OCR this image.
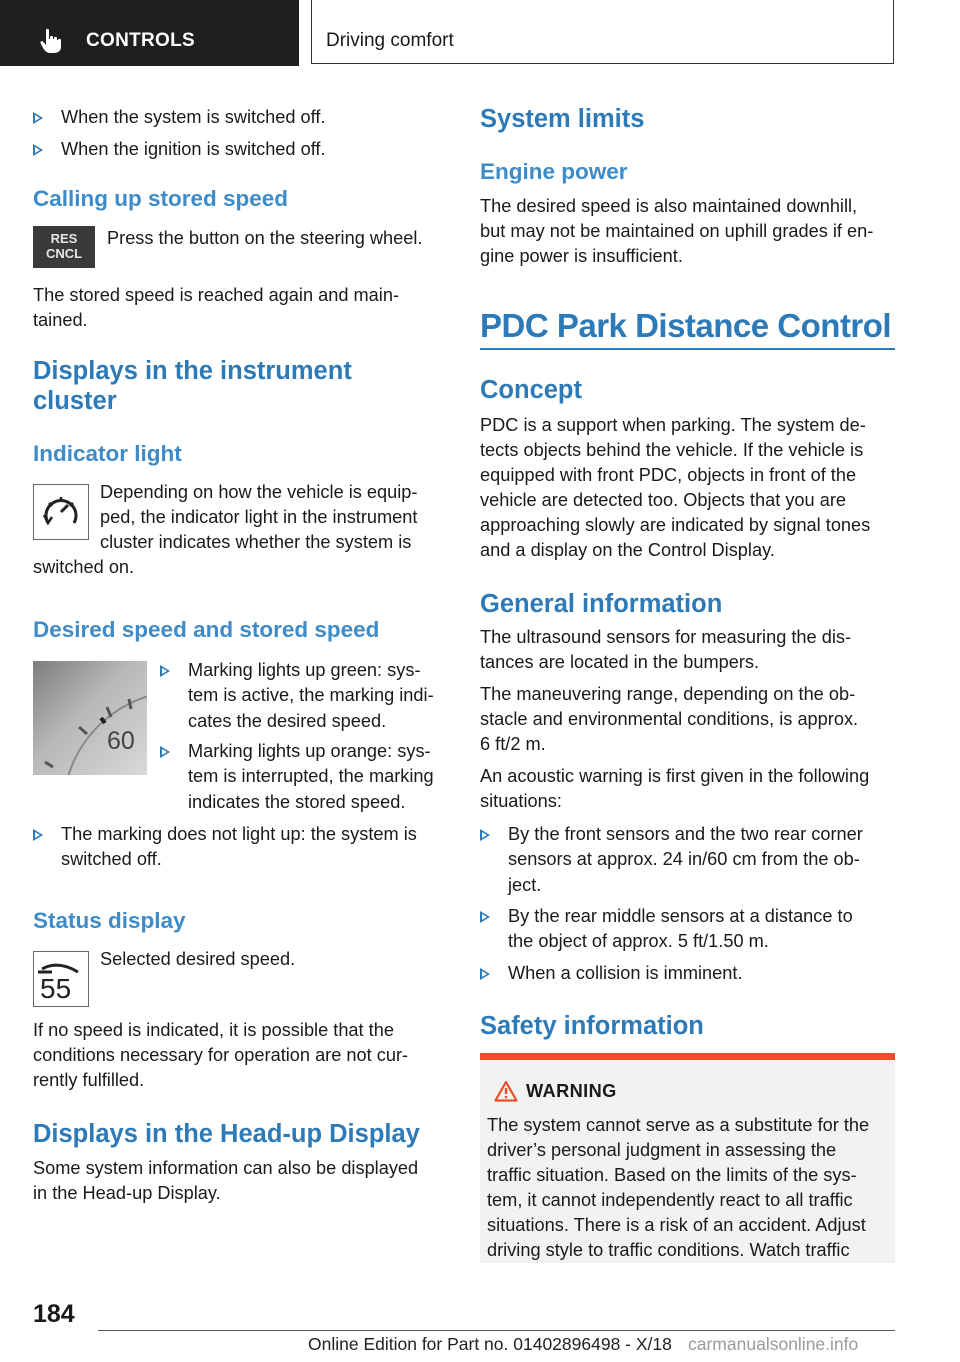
CONTROLS	Driving comfort
When the system is switched off.
When the ignition is switched off.
Calling up stored speed
RES
CNCL
Press the button on the steering wheel.
The stored speed is reached again and main-
tained.
Displays in the instrument
cluster
Indicator light
Depending on how the vehicle is equip-
ped, the indicator light in the instrument
cluster indicates whether the system is
switched on.
Desired speed and stored speed
60
Marking lights up green: sys-
tem is active, the marking indi-
cates the desired speed.
Marking lights up orange: sys-
tem is interrupted, the marking
indicates the stored speed.
The marking does not light up: the system is
switched off.
Status display
55
Selected desired speed.
If no speed is indicated, it is possible that the
conditions necessary for operation are not cur-
rently fulfilled.
Displays in the Head-up Display
Some system information can also be displayed
in the Head-up Display.
System limits
Engine power
The desired speed is also maintained downhill,
but may not be maintained on uphill grades if en-
gine power is insufficient.
PDC Park Distance Control
Concept
PDC is a support when parking. The system de-
tects objects behind the vehicle. If the vehicle is
equipped with front PDC, objects in front of the
vehicle are detected too. Objects that you are
approaching slowly are indicated by signal tones
and a display on the Control Display.
General information
The ultrasound sensors for measuring the dis-
tances are located in the bumpers.
The maneuvering range, depending on the ob-
stacle and environmental conditions, is approx.
6 ft/2 m.
An acoustic warning is first given in the following
situations:
By the front sensors and the two rear corner
sensors at approx. 24 in/60 cm from the ob-
ject.
By the rear middle sensors at a distance to
the object of approx. 5 ft/1.50 m.
When a collision is imminent.
Safety information
WARNING
The system cannot serve as a substitute for the
driver’s personal judgment in assessing the
traffic situation. Based on the limits of the sys-
tem, it cannot independently react to all traffic
situations. There is a risk of an accident. Adjust
driving style to traffic conditions. Watch traffic
184
Online Edition for Part no. 01402896498 - X/18 carmanualsonline.info
